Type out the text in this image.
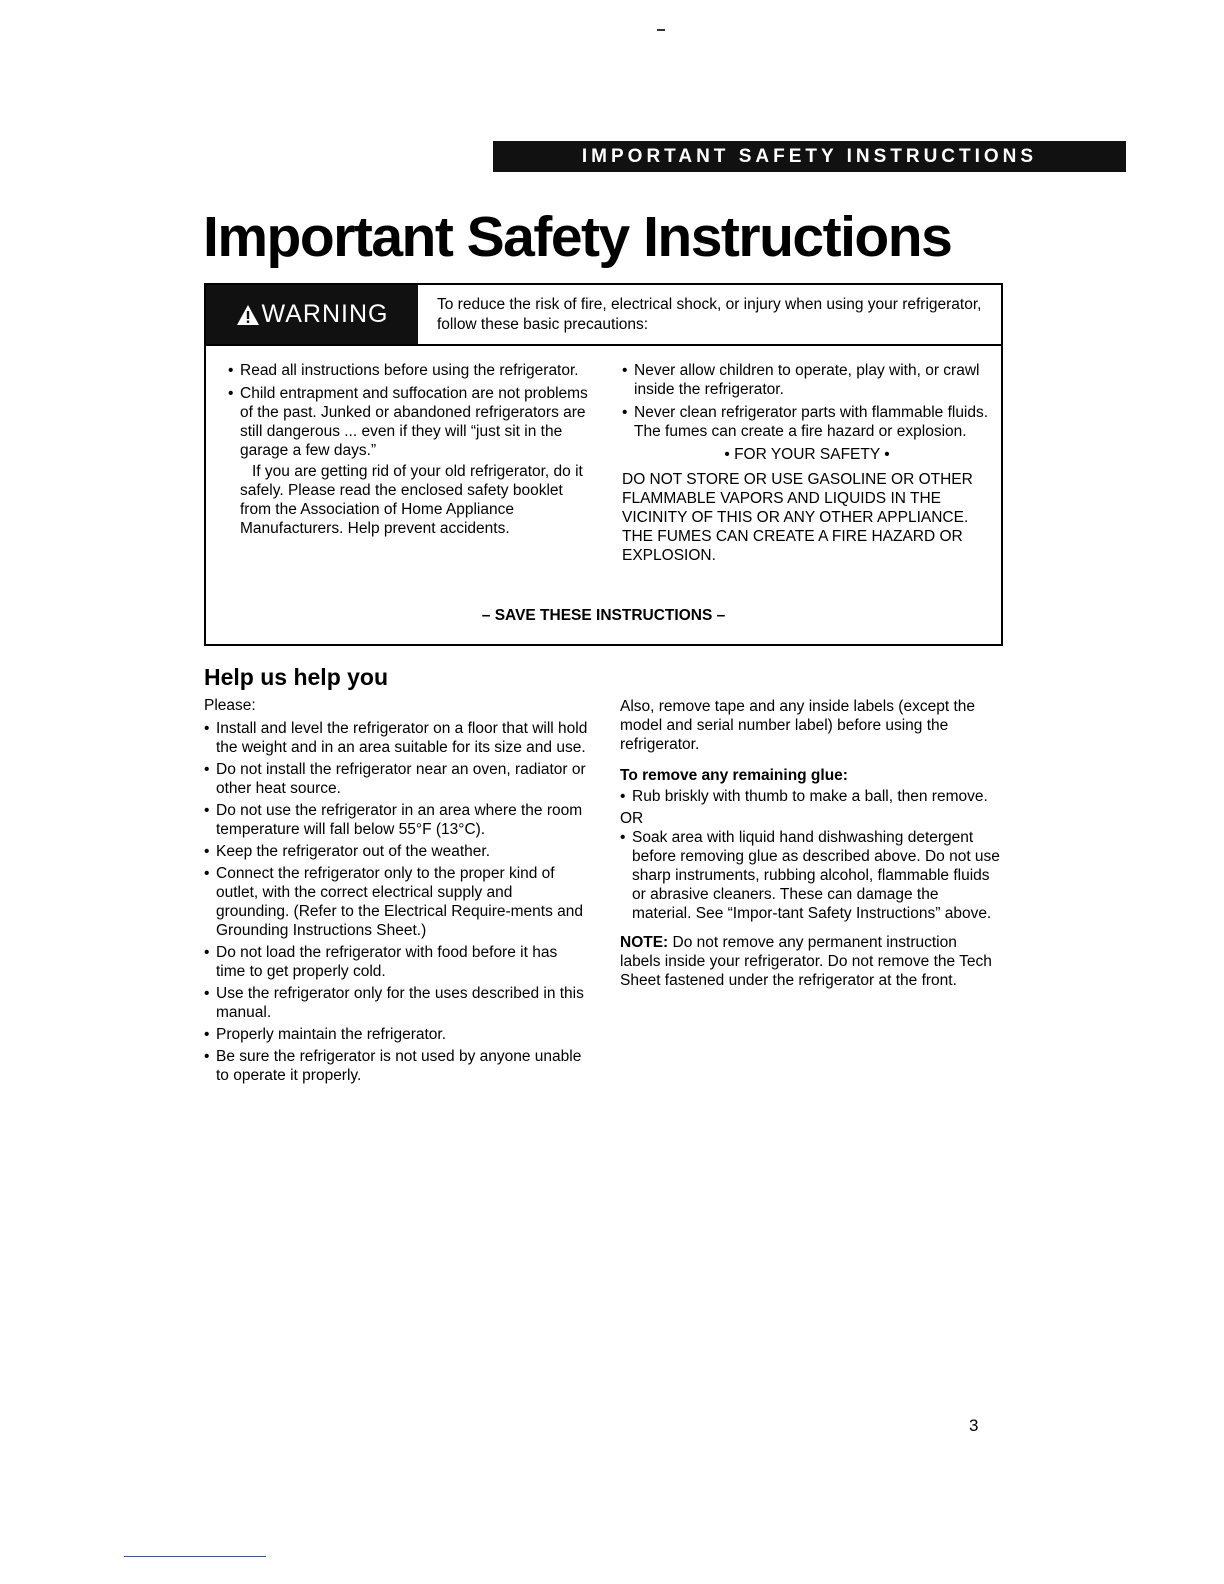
IMPORTANT SAFETY INSTRUCTIONS
Important Safety Instructions
WARNING	To reduce the risk of fire, electrical shock, or injury when using your refrigerator, follow these basic precautions:
• Read all instructions before using the refrigerator.
• Child entrapment and suffocation are not problems of the past. Junked or abandoned refrigerators are still dangerous ... even if they will “just sit in the garage a few days.”
If you are getting rid of your old refrigerator, do it safely. Please read the enclosed safety booklet from the Association of Home Appliance Manufacturers. Help prevent accidents.
• Never allow children to operate, play with, or crawl inside the refrigerator.
• Never clean refrigerator parts with flammable fluids. The fumes can create a fire hazard or explosion.
• FOR YOUR SAFETY •
DO NOT STORE OR USE GASOLINE OR OTHER FLAMMABLE VAPORS AND LIQUIDS IN THE VICINITY OF THIS OR ANY OTHER APPLIANCE. THE FUMES CAN CREATE A FIRE HAZARD OR EXPLOSION.
– SAVE THESE INSTRUCTIONS –
Help us help you
Please:
• Install and level the refrigerator on a floor that will hold the weight and in an area suitable for its size and use.
• Do not install the refrigerator near an oven, radiator or other heat source.
• Do not use the refrigerator in an area where the room temperature will fall below 55°F (13°C).
• Keep the refrigerator out of the weather.
• Connect the refrigerator only to the proper kind of outlet, with the correct electrical supply and grounding. (Refer to the Electrical Require-ments and Grounding Instructions Sheet.)
• Do not load the refrigerator with food before it has time to get properly cold.
• Use the refrigerator only for the uses described in this manual.
• Properly maintain the refrigerator.
• Be sure the refrigerator is not used by anyone unable to operate it properly.

Also, remove tape and any inside labels (except the model and serial number label) before using the refrigerator.

To remove any remaining glue:
• Rub briskly with thumb to make a ball, then remove.
OR
• Soak area with liquid hand dishwashing detergent before removing glue as described above. Do not use sharp instruments, rubbing alcohol, flammable fluids or abrasive cleaners. These can damage the material. See “Impor-tant Safety Instructions” above.

NOTE: Do not remove any permanent instruction labels inside your refrigerator. Do not remove the Tech Sheet fastened under the refrigerator at the front.

3
